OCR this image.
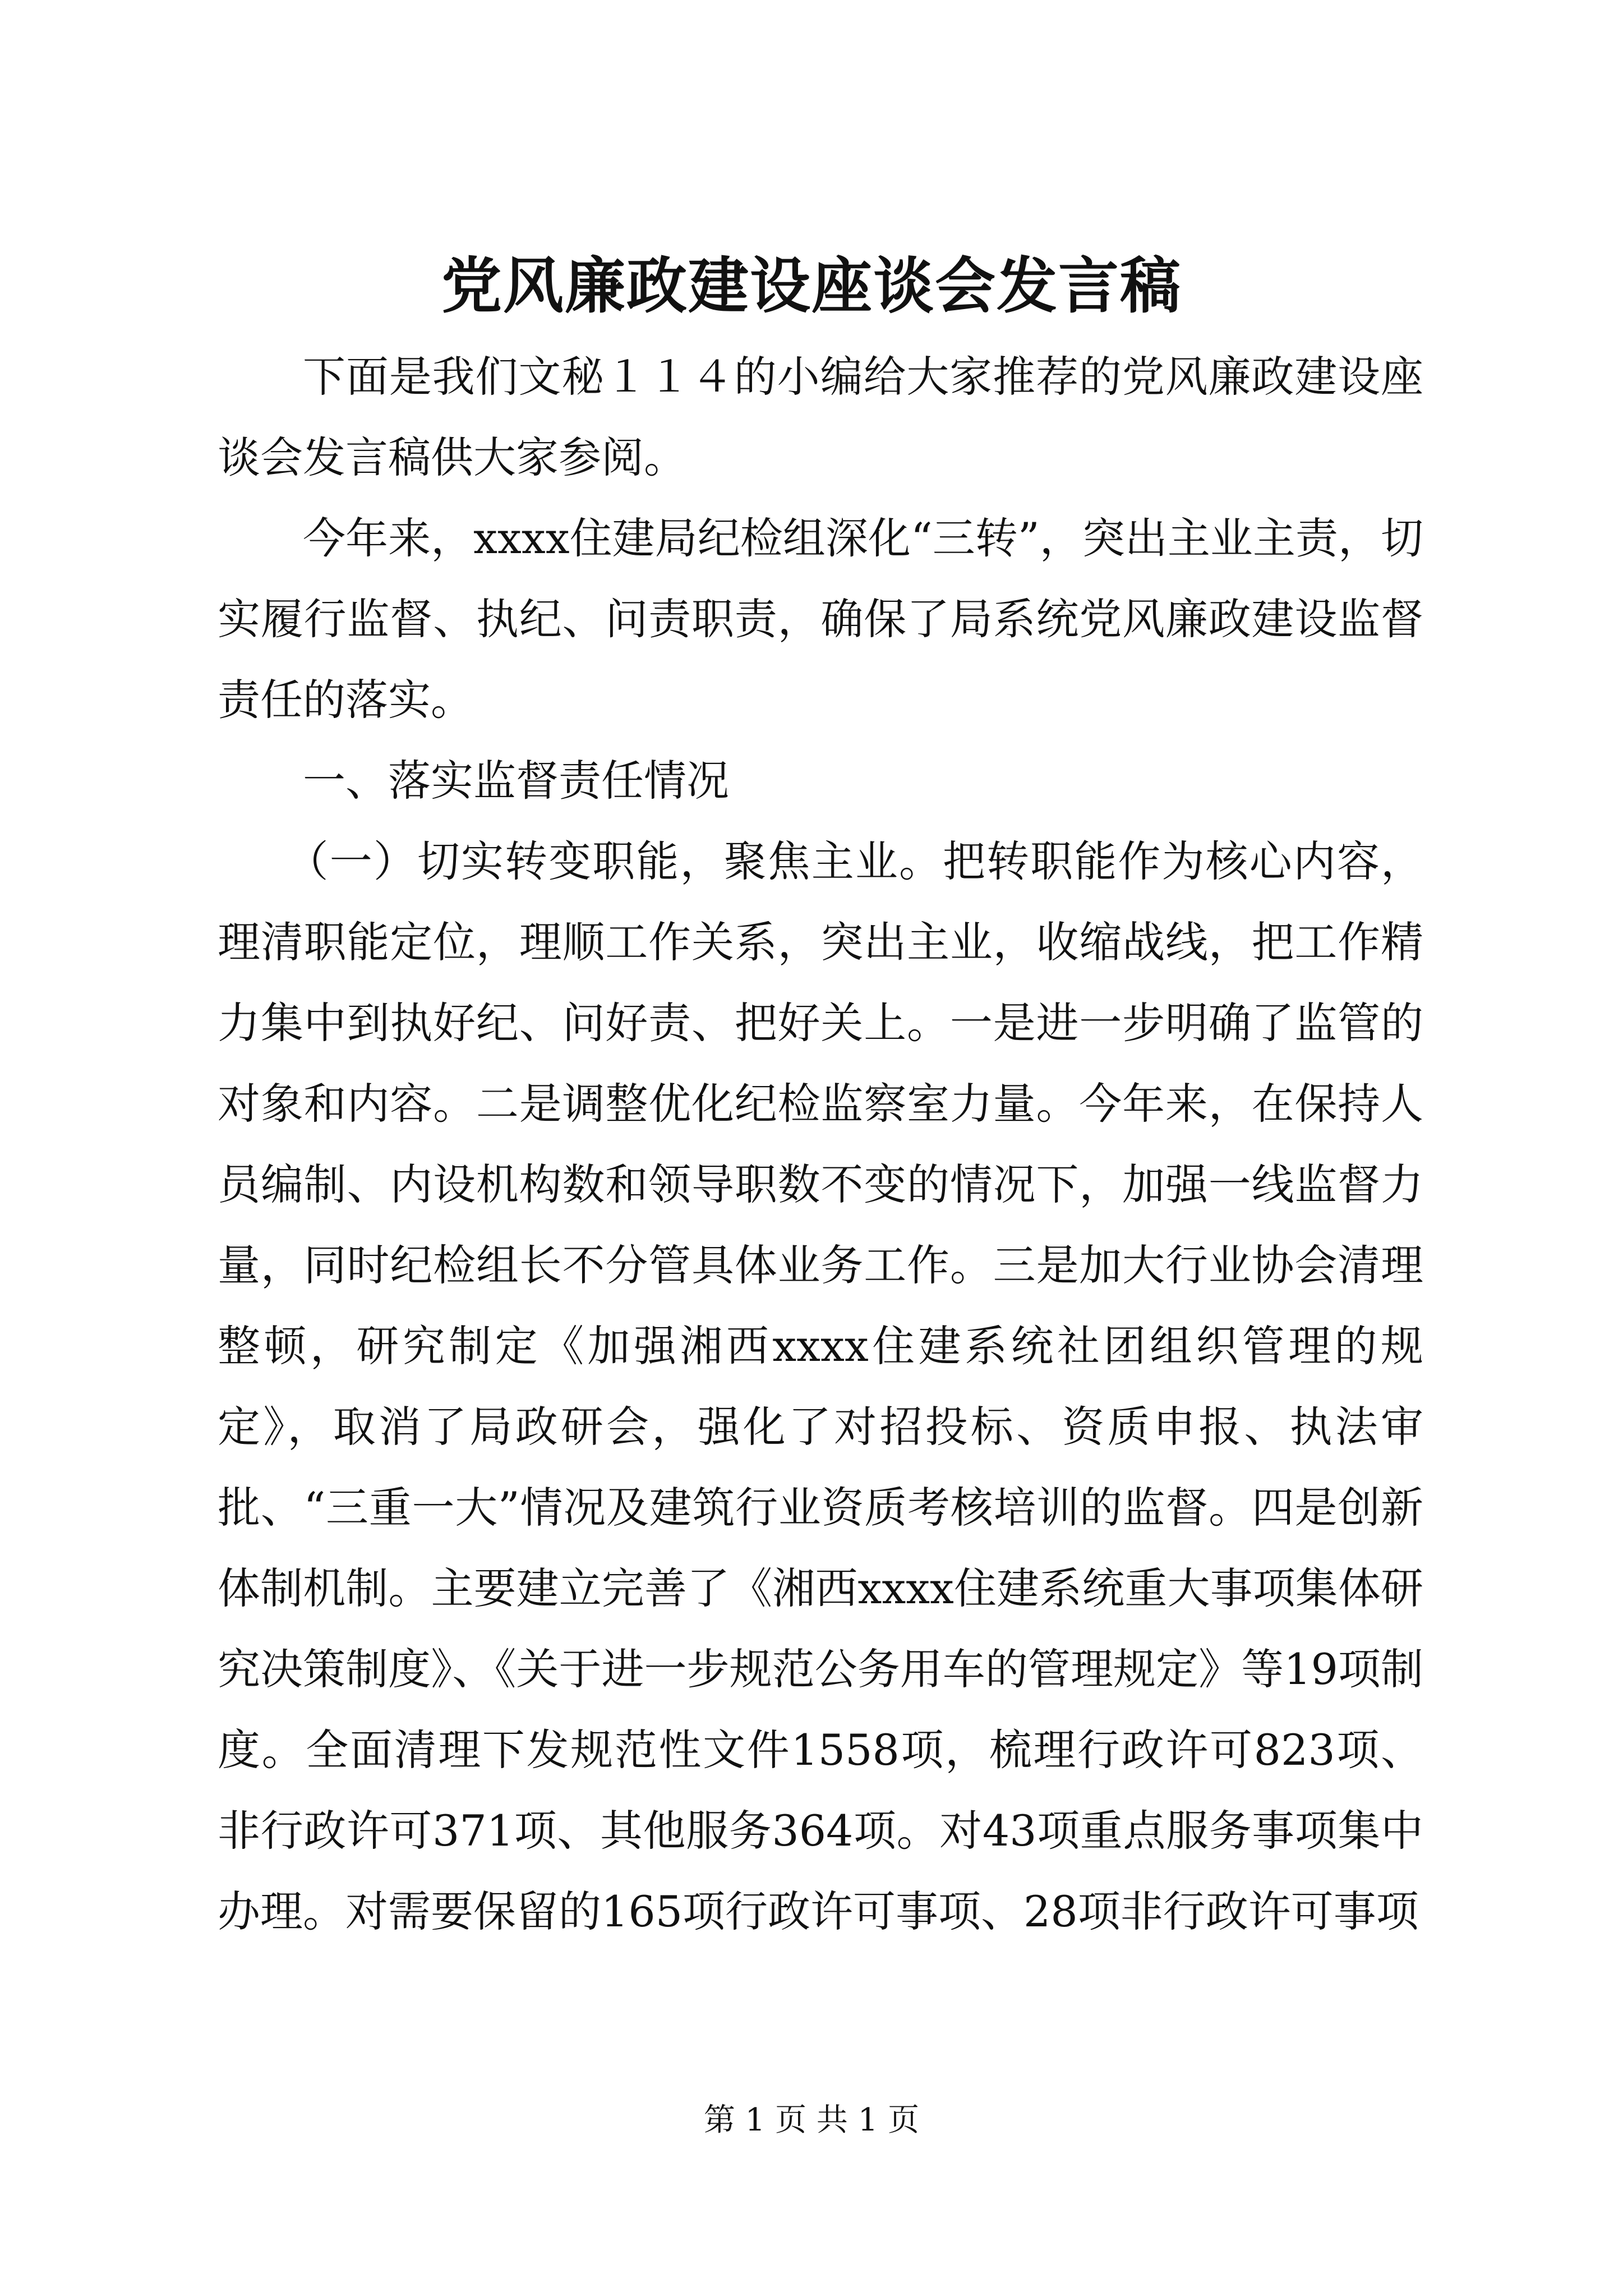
党风廉政建设座谈会发言稿

下面是我们文秘１１４的小编给大家推荐的党风廉政建设座谈会发言稿供大家参阅。

今年来，xxxx住建局纪检组深化“三转”，突出主业主责，切实履行监督、执纪、问责职责，确保了局系统党风廉政建设监督责任的落实。

一、落实监督责任情况

（一）切实转变职能，聚焦主业。把转职能作为核心内容，理清职能定位，理顺工作关系，突出主业，收缩战线，把工作精力集中到执好纪、问好责、把好关上。一是进一步明确了监管的对象和内容。二是调整优化纪检监察室力量。今年来，在保持人员编制、内设机构数和领导职数不变的情况下，加强一线监督力量，同时纪检组长不分管具体业务工作。三是加大行业协会清理整顿，研究制定《加强湘西xxxx住建系统社团组织管理的规定》，取消了局政研会，强化了对招投标、资质申报、执法审批、“三重一大”情况及建筑行业资质考核培训的监督。四是创新体制机制。主要建立完善了《湘西xxxx住建系统重大事项集体研究决策制度》、《关于进一步规范公务用车的管理规定》等19项制度。全面清理下发规范性文件1558项，梳理行政许可823项、非行政许可371项、其他服务364项。对43项重点服务事项集中办理。对需要保留的165项行政许可事项、28项非行政许可事项

第 1 页 共 1 页
